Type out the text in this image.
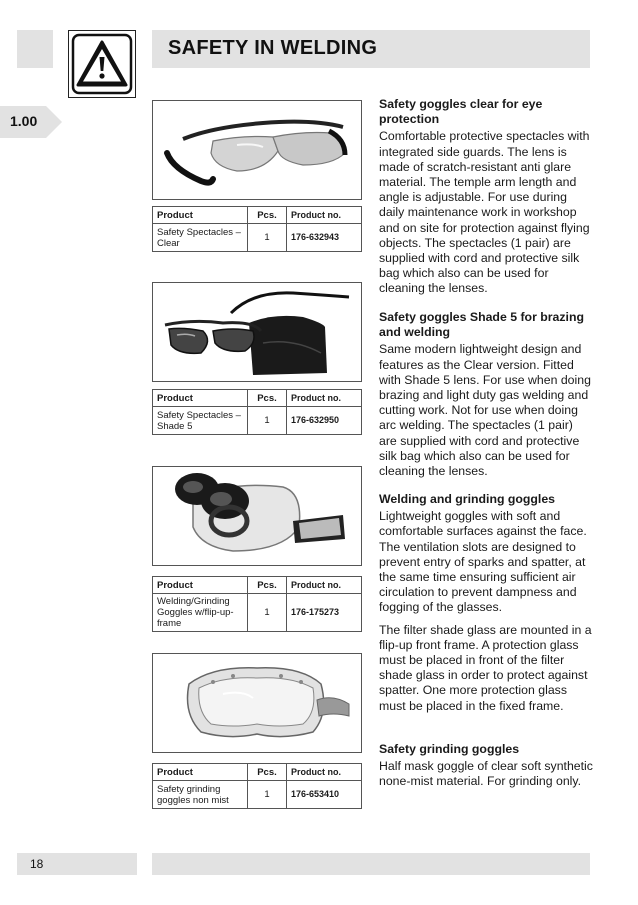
SAFETY IN WELDING
1.00
Product	Pcs.	Product no.
Safety Spectacles – Clear	1	176-632943
Product	Pcs.	Product no.
Safety Spectacles – Shade 5	1	176-632950
Product	Pcs.	Product no.
Welding/Grinding Goggles w/flip-up-frame	1	176-175273
Product	Pcs.	Product no.
Safety grinding goggles non mist	1	176-653410
Safety goggles clear for eye protection

Comfortable protective spectacles with integrated side guards. The lens is made of scratch-resistant anti glare material. The temple arm length and angle is adjustable. For use during daily maintenance work in workshop and on site for protection against flying objects. The spectacles (1 pair) are supplied with cord and protective silk bag which also can be used for cleaning the lenses.

Safety goggles Shade 5 for brazing and welding

Same modern lightweight design and features as the Clear version. Fitted with Shade 5 lens. For use when doing brazing and light duty gas welding and cutting work. Not for use when doing arc welding. The spectacles (1 pair) are supplied with cord and protective silk bag which also can be used for cleaning the lenses.

Welding and grinding goggles

Lightweight goggles with soft and comfortable surfaces against the face. The ventilation slots are designed to prevent entry of sparks and spatter, at the same time ensuring sufficient air circulation to prevent dampness and fogging of the glasses.

The filter shade glass are mounted in a flip-up front frame. A protection glass must be placed in front of the filter shade glass in order to protect against spatter. One more protection glass must be placed in the fixed frame.

Safety grinding goggles

Half mask goggle of clear soft synthetic none-mist material. For grinding only.

18
